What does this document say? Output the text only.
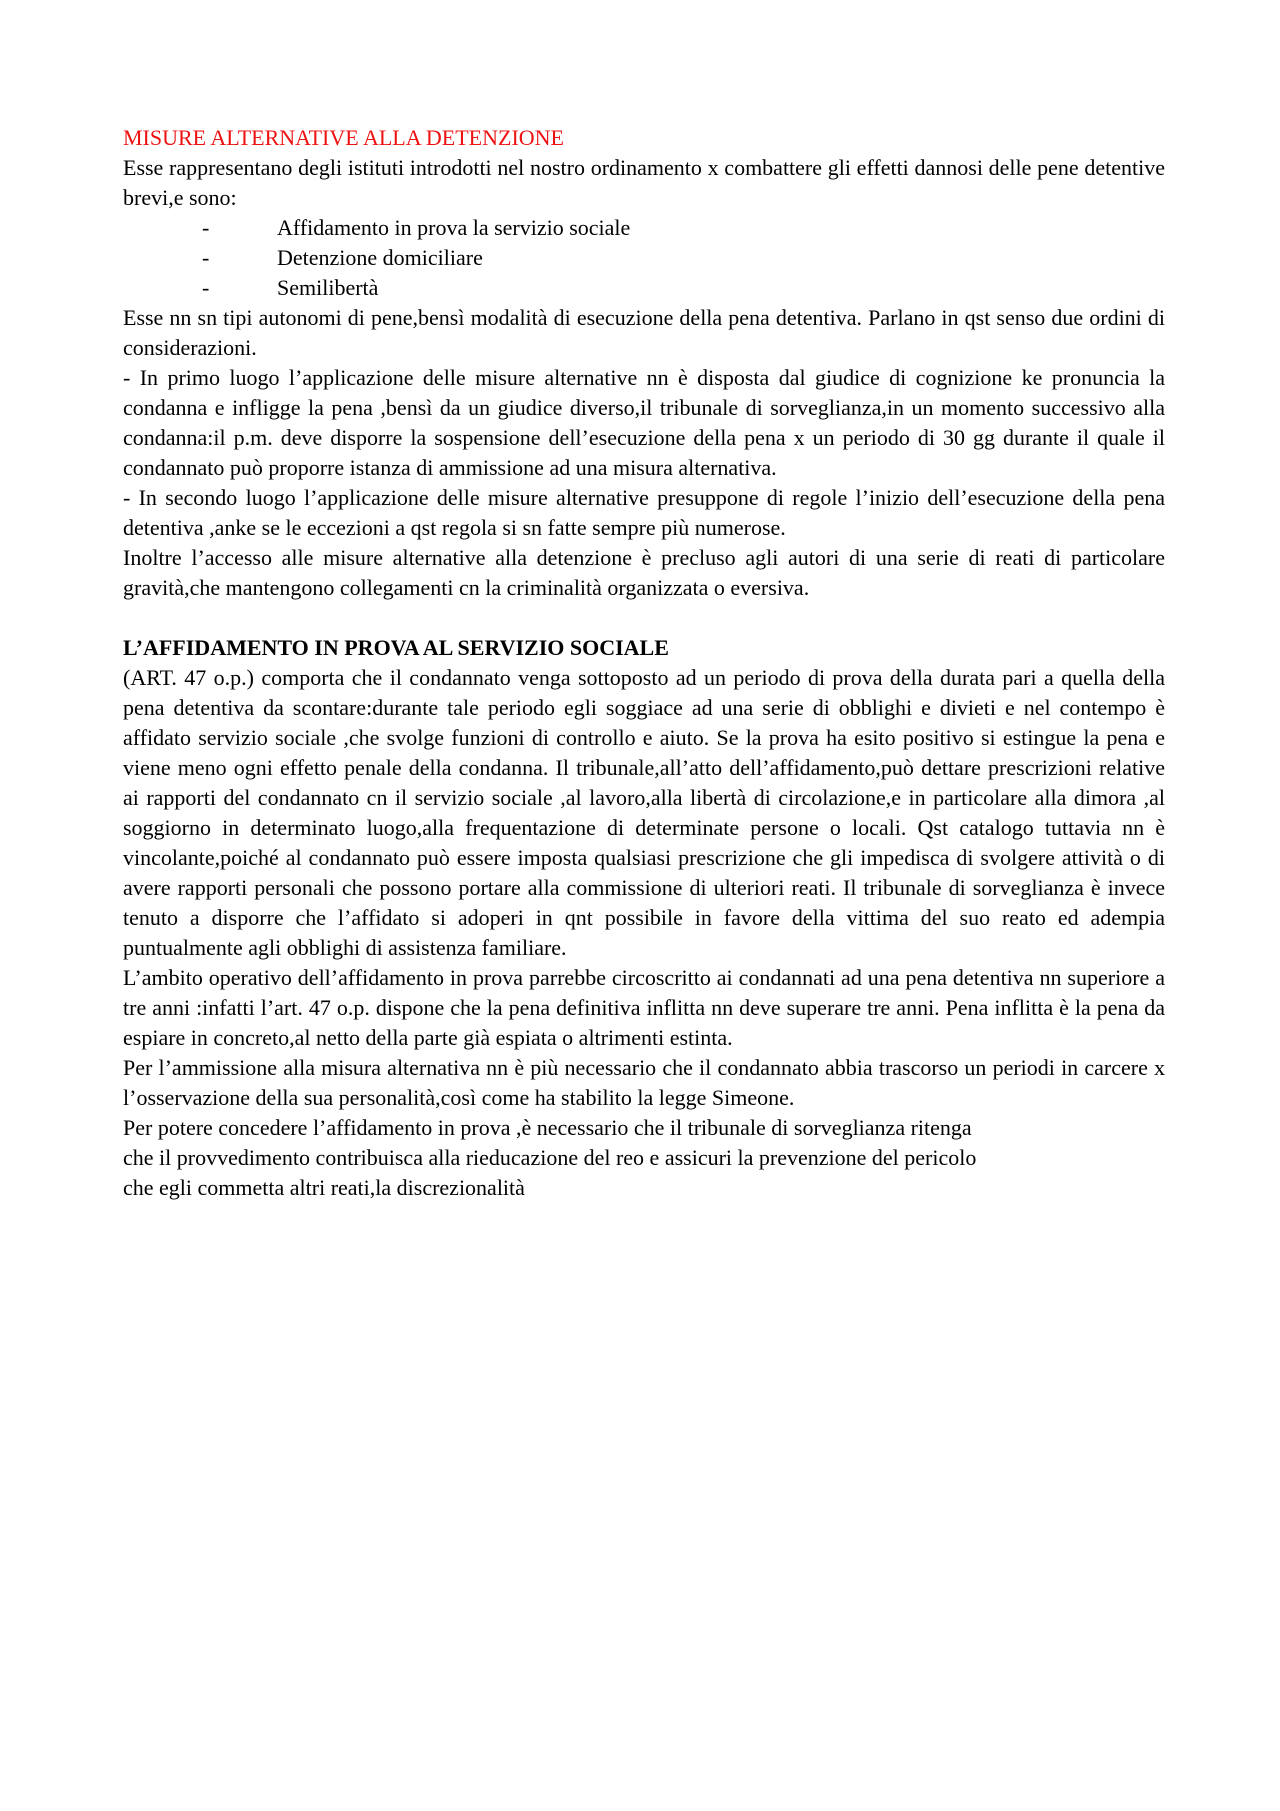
MISURE ALTERNATIVE ALLA DETENZIONE

Esse rappresentano degli istituti introdotti nel nostro ordinamento x combattere gli effetti dannosi delle pene detentive brevi,e sono:

-	Affidamento in prova la servizio sociale
-	Detenzione domiciliare
-	Semilibertà

Esse nn sn tipi autonomi di pene,bensì modalità di esecuzione della pena detentiva. Parlano in qst senso due ordini di considerazioni.

- In primo luogo l’applicazione delle misure alternative nn è disposta dal giudice di cognizione ke pronuncia la condanna e infligge la pena ,bensì da un giudice diverso,il tribunale di sorveglianza,in un momento successivo alla condanna:il p.m. deve disporre la sospensione dell’esecuzione della pena x un periodo di 30 gg durante il quale il condannato può proporre istanza di ammissione ad una misura alternativa.

- In secondo luogo l’applicazione delle misure alternative presuppone di regole l’inizio dell’esecuzione della pena detentiva ,anke se le eccezioni a qst regola si sn fatte sempre più numerose.

Inoltre l’accesso alle misure alternative alla detenzione è precluso agli autori di una serie di reati di particolare gravità,che mantengono collegamenti cn la criminalità organizzata o eversiva.

L’AFFIDAMENTO IN PROVA AL SERVIZIO SOCIALE

(ART. 47 o.p.) comporta che il condannato venga sottoposto ad un periodo di prova della durata pari a quella della pena detentiva da scontare:durante tale periodo egli soggiace ad una serie di obblighi e divieti e nel contempo è affidato servizio sociale ,che svolge funzioni di controllo e aiuto. Se la prova ha esito positivo si estingue la pena e viene meno ogni effetto penale della condanna. Il tribunale,all’atto dell’affidamento,può dettare prescrizioni relative ai rapporti del condannato cn il servizio sociale ,al lavoro,alla libertà di circolazione,e in particolare alla dimora ,al soggiorno in determinato luogo,alla frequentazione di determinate persone o locali. Qst catalogo tuttavia nn è vincolante,poiché al condannato può essere imposta qualsiasi prescrizione che gli impedisca di svolgere attività o di avere rapporti personali che possono portare alla commissione di ulteriori reati. Il tribunale di sorveglianza è invece tenuto a disporre che l’affidato si adoperi in qnt possibile in favore della vittima del suo reato ed adempia puntualmente agli obblighi di assistenza familiare.

L’ambito operativo dell’affidamento in prova parrebbe circoscritto ai condannati ad una pena detentiva nn superiore a tre anni :infatti l’art. 47 o.p. dispone che la pena definitiva inflitta nn deve superare tre anni. Pena inflitta è la pena da espiare in concreto,al netto della parte già espiata o altrimenti estinta.

Per l’ammissione alla misura alternativa nn è più necessario che il condannato abbia trascorso un periodi in carcere x l’osservazione della sua personalità,così come ha stabilito la legge Simeone.

Per potere concedere l’affidamento in prova ,è necessario che il tribunale di sorveglianza ritenga
che il provvedimento contribuisca alla rieducazione del reo e assicuri la prevenzione del pericolo
che egli commetta altri reati,la discrezionalità
